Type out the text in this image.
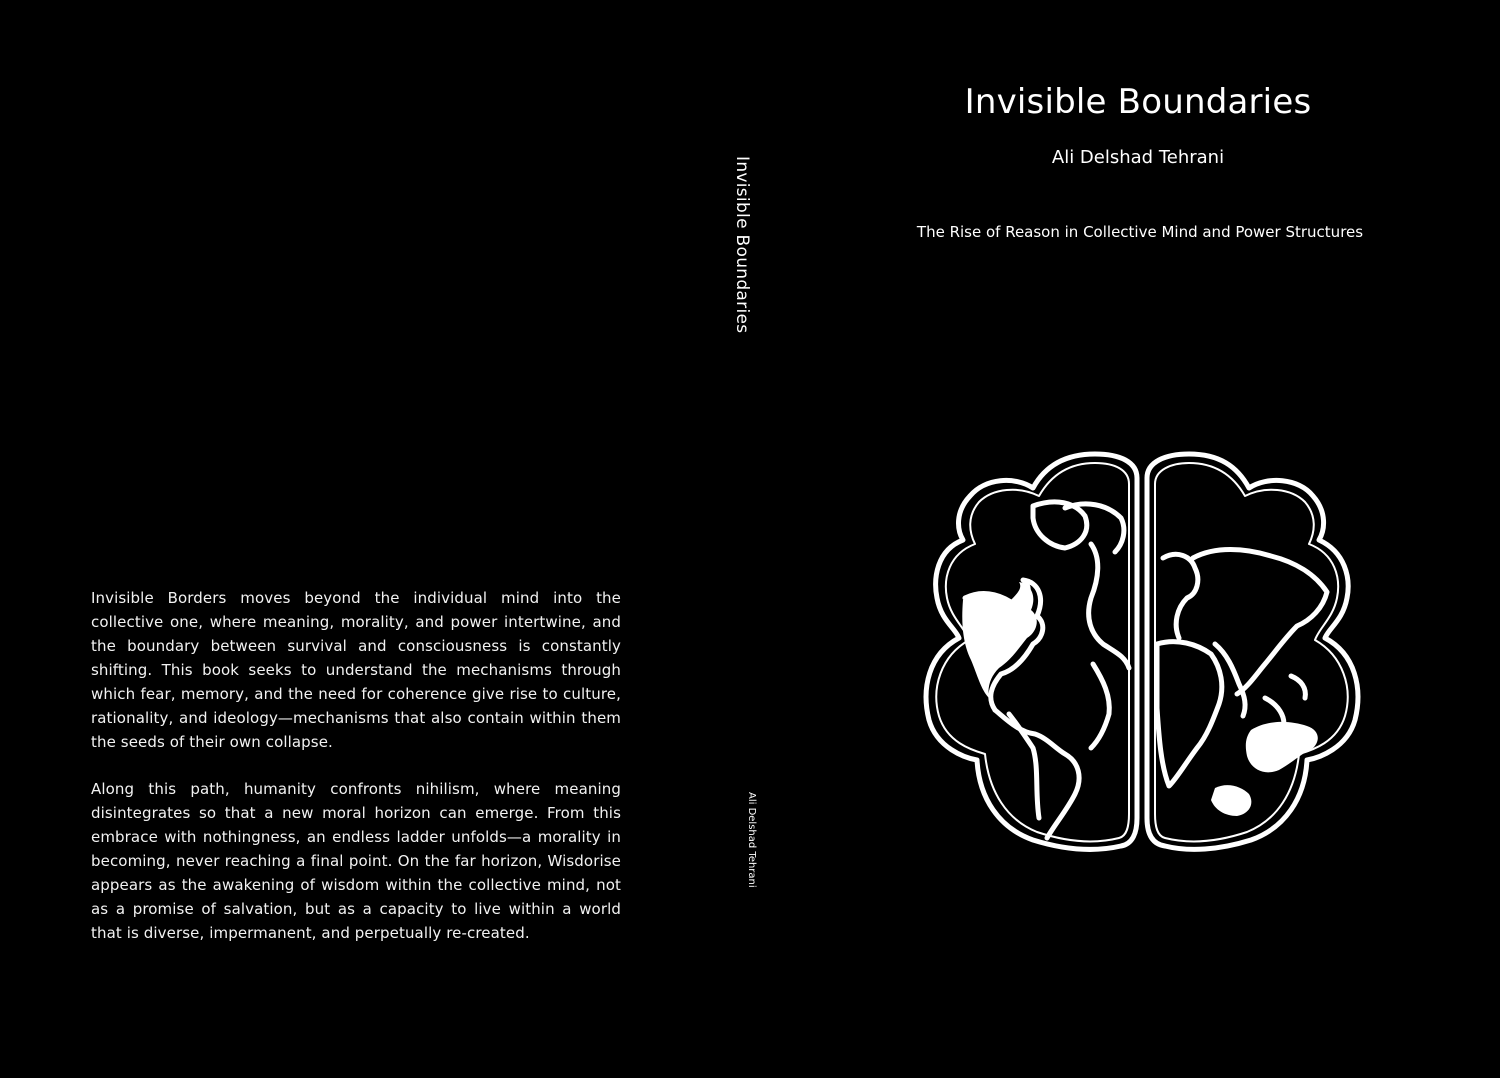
Invisible Borders moves beyond the individual mind into the collective one, where meaning, morality, and power intertwine, and the boundary between survival and consciousness is constantly shifting. This book seeks to understand the mechanisms through which fear, memory, and the need for coherence give rise to culture, rationality, and ideology—mechanisms that also contain within them the seeds of their own collapse.

Along this path, humanity confronts nihilism, where meaning disintegrates so that a new moral horizon can emerge. From this embrace with nothingness, an endless ladder unfolds—a morality in becoming, never reaching a final point. On the far horizon, Wisdorise appears as the awakening of wisdom within the collective mind, not as a promise of salvation, but as a capacity to live within a world that is diverse, impermanent, and perpetually re-created.

Invisible Boundaries
Ali Delshad Tehrani
Invisible Boundaries
Ali Delshad Tehrani
The Rise of Reason in Collective Mind and Power Structures
